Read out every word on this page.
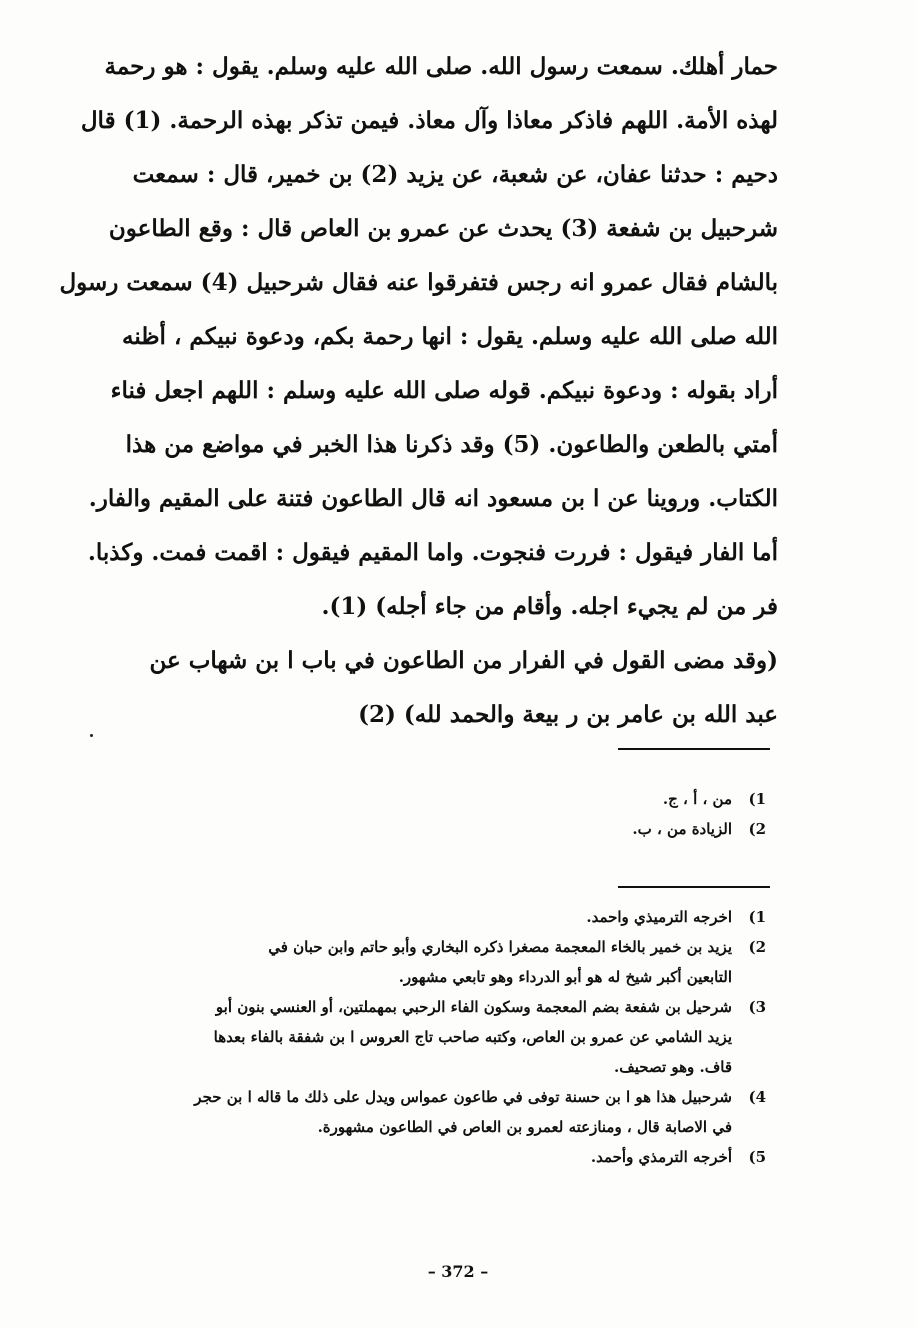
حمار أهلك. سمعت رسول الله. صلى الله عليه وسلم. يقول : هو رحمة
لهذه الأمة. اللهم فاذكر معاذا وآل معاذ. فيمن تذكر بهذه الرحمة. (1) قال
دحيم : حدثنا عفان، عن شعبة، عن يزيد (2) بن خمير، قال : سمعت
شرحبيل بن شفعة (3) يحدث عن عمرو بن العاص قال : وقع الطاعون
بالشام فقال عمرو انه رجس فتفرقوا عنه فقال شرحبيل (4) سمعت رسول
الله صلى الله عليه وسلم. يقول : انها رحمة بكم، ودعوة نبيكم ، أظنه
أراد بقوله : ودعوة نبيكم. قوله صلى الله عليه وسلم : اللهم اجعل فناء
أمتي بالطعن والطاعون. (5) وقد ذكرنا هذا الخبر في مواضع من هذا
الكتاب. وروينا عن ا بن مسعود انه قال الطاعون فتنة على المقيم والفار.
أما الفار فيقول : فررت فنجوت. واما المقيم فيقول : اقمت فمت. وكذبا.
فر من لم يجيء اجله. وأقام من جاء أجله) (1).
(وقد مضى القول في الفرار من الطاعون في باب ا بن شهاب عن
عبد الله بن عامر بن ر بيعة والحمد لله) (2)
1)
من ، أ ، ج.
2)
الزيادة من ، ب.
1)
اخرجه الترميذي واحمد.
2)
يزيد بن خمير بالخاء المعجمة مصغرا ذكره البخاري وأبو حاتم وابن حبان في
التابعين أكبر شيخ له هو أبو الدرداء وهو تابعي مشهور.
3)
شرحيل بن شفعة بضم المعجمة وسكون الفاء الرحبي بمهملتين، أو العنسي بنون أبو
يزيد الشامي عن عمرو بن العاص، وكتبه صاحب تاج العروس ا بن شفقة بالفاء بعدها
قاف. وهو تصحيف.
4)
شرحبيل هذا هو ا بن حسنة توفى في طاعون عمواس ويدل على ذلك ما قاله ا بن حجر
في الاصابة قال ، ومنازعته لعمرو بن العاص في الطاعون مشهورة.
5)
أخرجه الترمذي وأحمد.
– 372 –
